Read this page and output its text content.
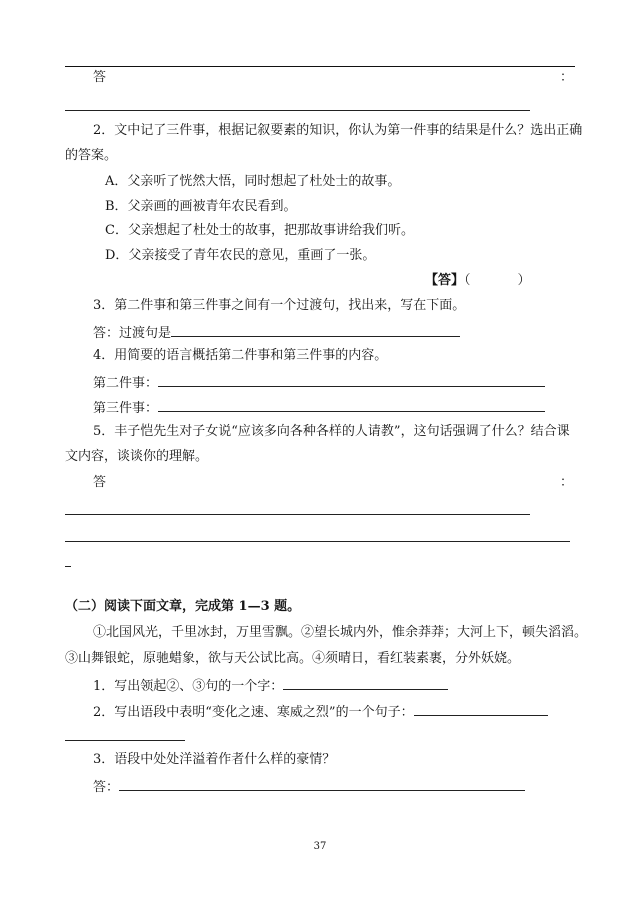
答	：
2．文中记了三件事，根据记叙要素的知识，你认为第一件事的结果是什么？选出正确
的答案。
A．父亲听了恍然大悟，同时想起了杜处士的故事。
B．父亲画的画被青年农民看到。
C．父亲想起了杜处士的故事，把那故事讲给我们听。
D．父亲接受了青年农民的意见，重画了一张。
【答】（	）
3．第二件事和第三件事之间有一个过渡句，找出来，写在下面。
答：过渡句是
4．用简要的语言概括第二件事和第三件事的内容。
第二件事：
第三件事：
5．丰子恺先生对子女说“应该多向各种各样的人请教”，这句话强调了什么？结合课
文内容，谈谈你的理解。
答	：
（二）阅读下面文章，完成第 1—3 题。
①北国风光，千里冰封，万里雪飘。②望长城内外，惟余莽莽；大河上下，顿失滔滔。
③山舞银蛇，原驰蜡象，欲与天公试比高。④须晴日，看红装素裹，分外妖娆。
1．写出领起②、③句的一个字：
2．写出语段中表明“变化之速、寒威之烈”的一个句子：
3．语段中处处洋溢着作者什么样的豪情？
答：
37
